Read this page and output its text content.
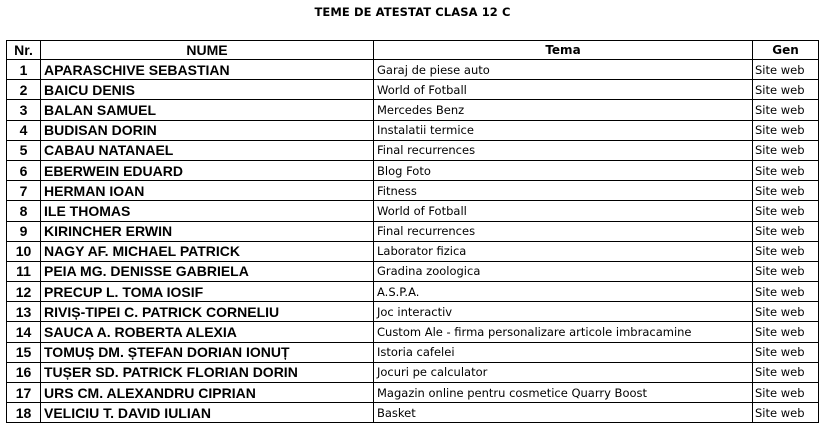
TEME DE ATESTAT CLASA 12 C
Nr.	NUME	Tema	Gen
1	APARASCHIVE SEBASTIAN	Garaj de piese auto	Site web
2	BAICU DENIS	World of Fotball	Site web
3	BALAN SAMUEL	Mercedes Benz	Site web
4	BUDISAN DORIN	Instalatii termice	Site web
5	CABAU NATANAEL	Final recurrences	Site web
6	EBERWEIN EDUARD	Blog Foto	Site web
7	HERMAN IOAN	Fitness	Site web
8	ILE THOMAS	World of Fotball	Site web
9	KIRINCHER ERWIN	Final recurrences	Site web
10	NAGY AF. MICHAEL PATRICK	Laborator fizica	Site web
11	PEIA MG. DENISSE GABRIELA	Gradina zoologica	Site web
12	PRECUP L. TOMA IOSIF	A.S.P.A.	Site web
13	RIVIȘ-TIPEI C. PATRICK CORNELIU	Joc interactiv	Site web
14	SAUCA A. ROBERTA ALEXIA	Custom Ale - firma personalizare articole imbracamine	Site web
15	TOMUȘ DM. ȘTEFAN DORIAN IONUȚ	Istoria cafelei	Site web
16	TUȘER SD. PATRICK FLORIAN DORIN	Jocuri pe calculator	Site web
17	URS CM. ALEXANDRU CIPRIAN	Magazin online pentru cosmetice Quarry Boost	Site web
18	VELICIU T. DAVID IULIAN	Basket	Site web
